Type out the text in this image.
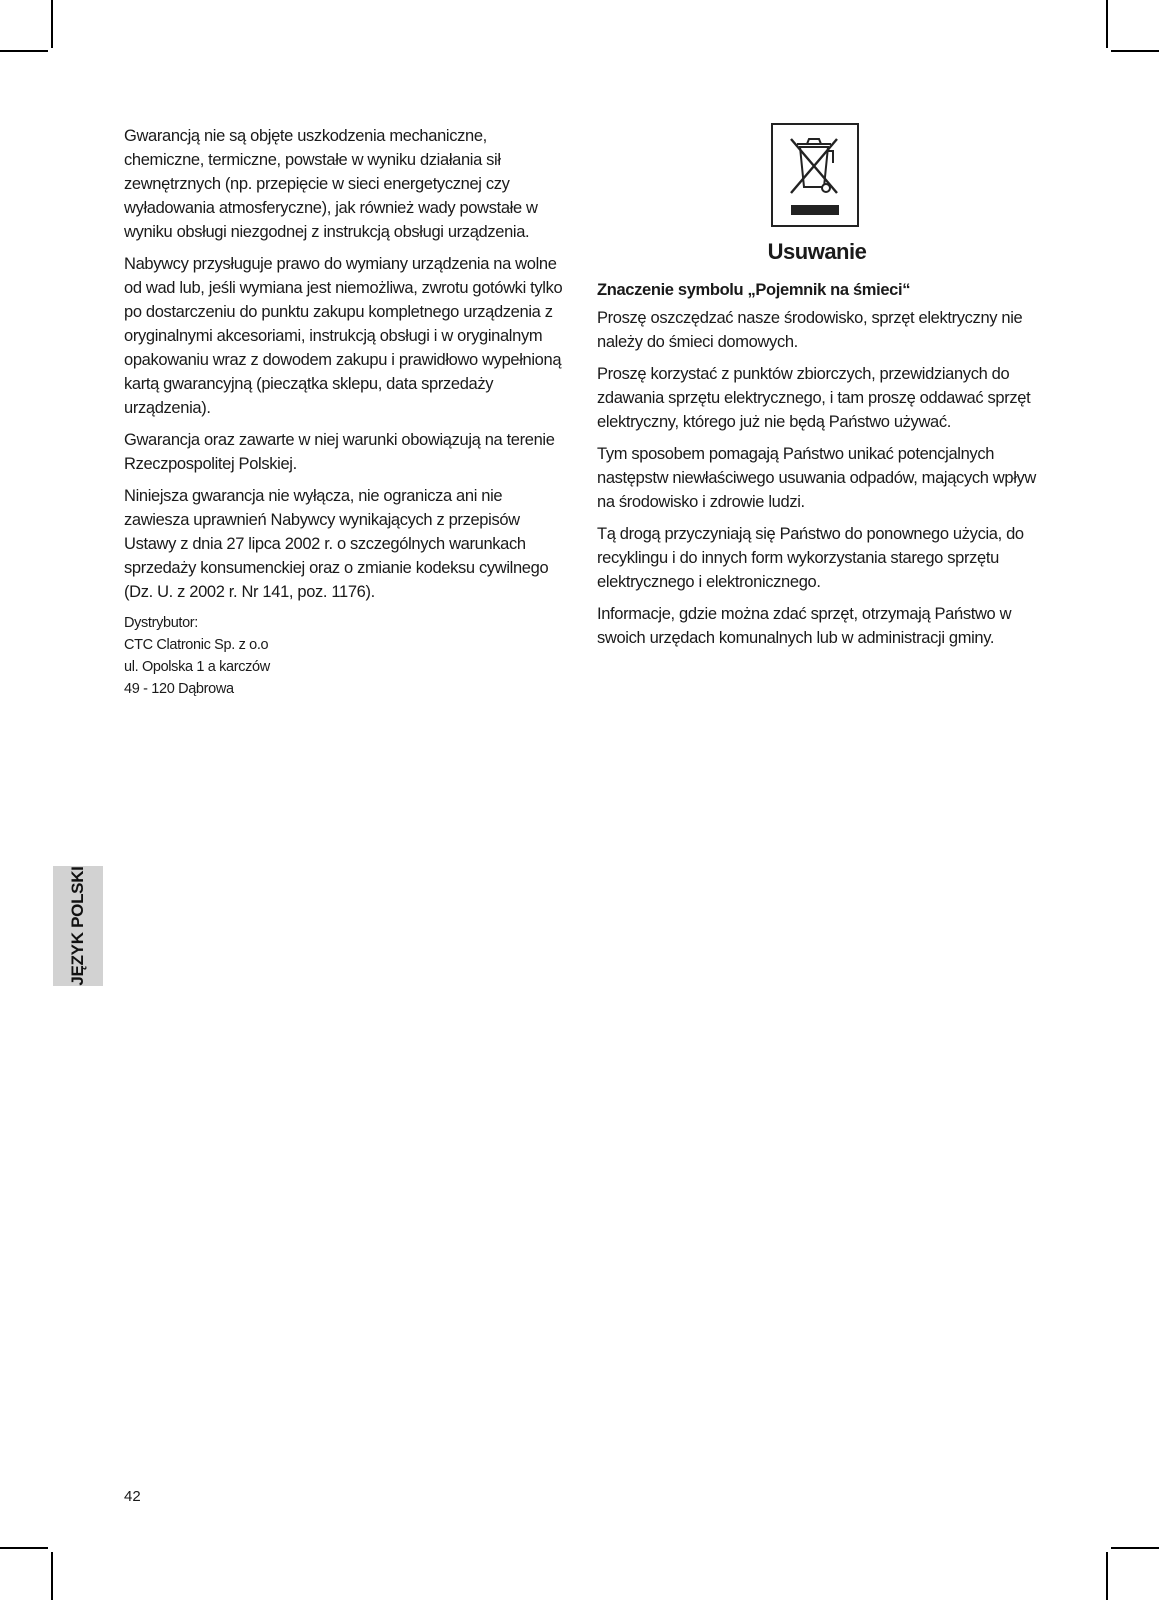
Gwarancją nie są objęte uszkodzenia mechaniczne, chemiczne, termiczne, powstałe w wyniku działania sił zewnętrznych (np. przepięcie w sieci energetycznej czy wyładowania atmosferyczne), jak również wady powstałe w wyniku obsługi niezgodnej z instrukcją obsługi urządzenia.

Nabywcy przysługuje prawo do wymiany urządzenia na wolne od wad lub, jeśli wymiana jest niemożliwa, zwrotu gotówki tylko po dostarczeniu do punktu zakupu kompletnego urządzenia z oryginalnymi akcesoriami, instrukcją obsługi i w oryginalnym opakowaniu wraz z dowodem zakupu i prawidłowo wypełnioną kartą gwarancyjną (pieczątka sklepu, data sprzedaży urządzenia).

Gwarancja oraz zawarte w niej warunki obowiązują na terenie Rzeczpospolitej Polskiej.

Niniejsza gwarancja nie wyłącza, nie ogranicza ani nie zawiesza uprawnień Nabywcy wynikających z przepisów Ustawy z dnia 27 lipca 2002 r. o szczególnych warunkach sprzedaży konsumenckiej oraz o zmianie kodeksu cywilnego (Dz. U. z 2002 r. Nr 141, poz. 1176).

Dystrybutor:
CTC Clatronic Sp. z o.o
ul. Opolska 1 a karczów
49 - 120 Dąbrowa
Usuwanie

Znaczenie symbolu „Pojemnik na śmieci“

Proszę oszczędzać nasze środowisko, sprzęt elektryczny nie należy do śmieci domowych.

Proszę korzystać z punktów zbiorczych, przewidzianych do zdawania sprzętu elektrycznego, i tam proszę oddawać sprzęt elektryczny, którego już nie będą Państwo używać.

Tym sposobem pomagają Państwo unikać potencjalnych następstw niewłaściwego usuwania odpadów, mających wpływ na środowisko i zdrowie ludzi.

Tą drogą przyczyniają się Państwo do ponownego użycia, do recyklingu i do innych form wykorzystania starego sprzętu elektrycznego i elektronicznego.

Informacje, gdzie można zdać sprzęt, otrzymają Państwo w swoich urzędach komunalnych lub w administracji gminy.

JĘZYK POLSKI
42
